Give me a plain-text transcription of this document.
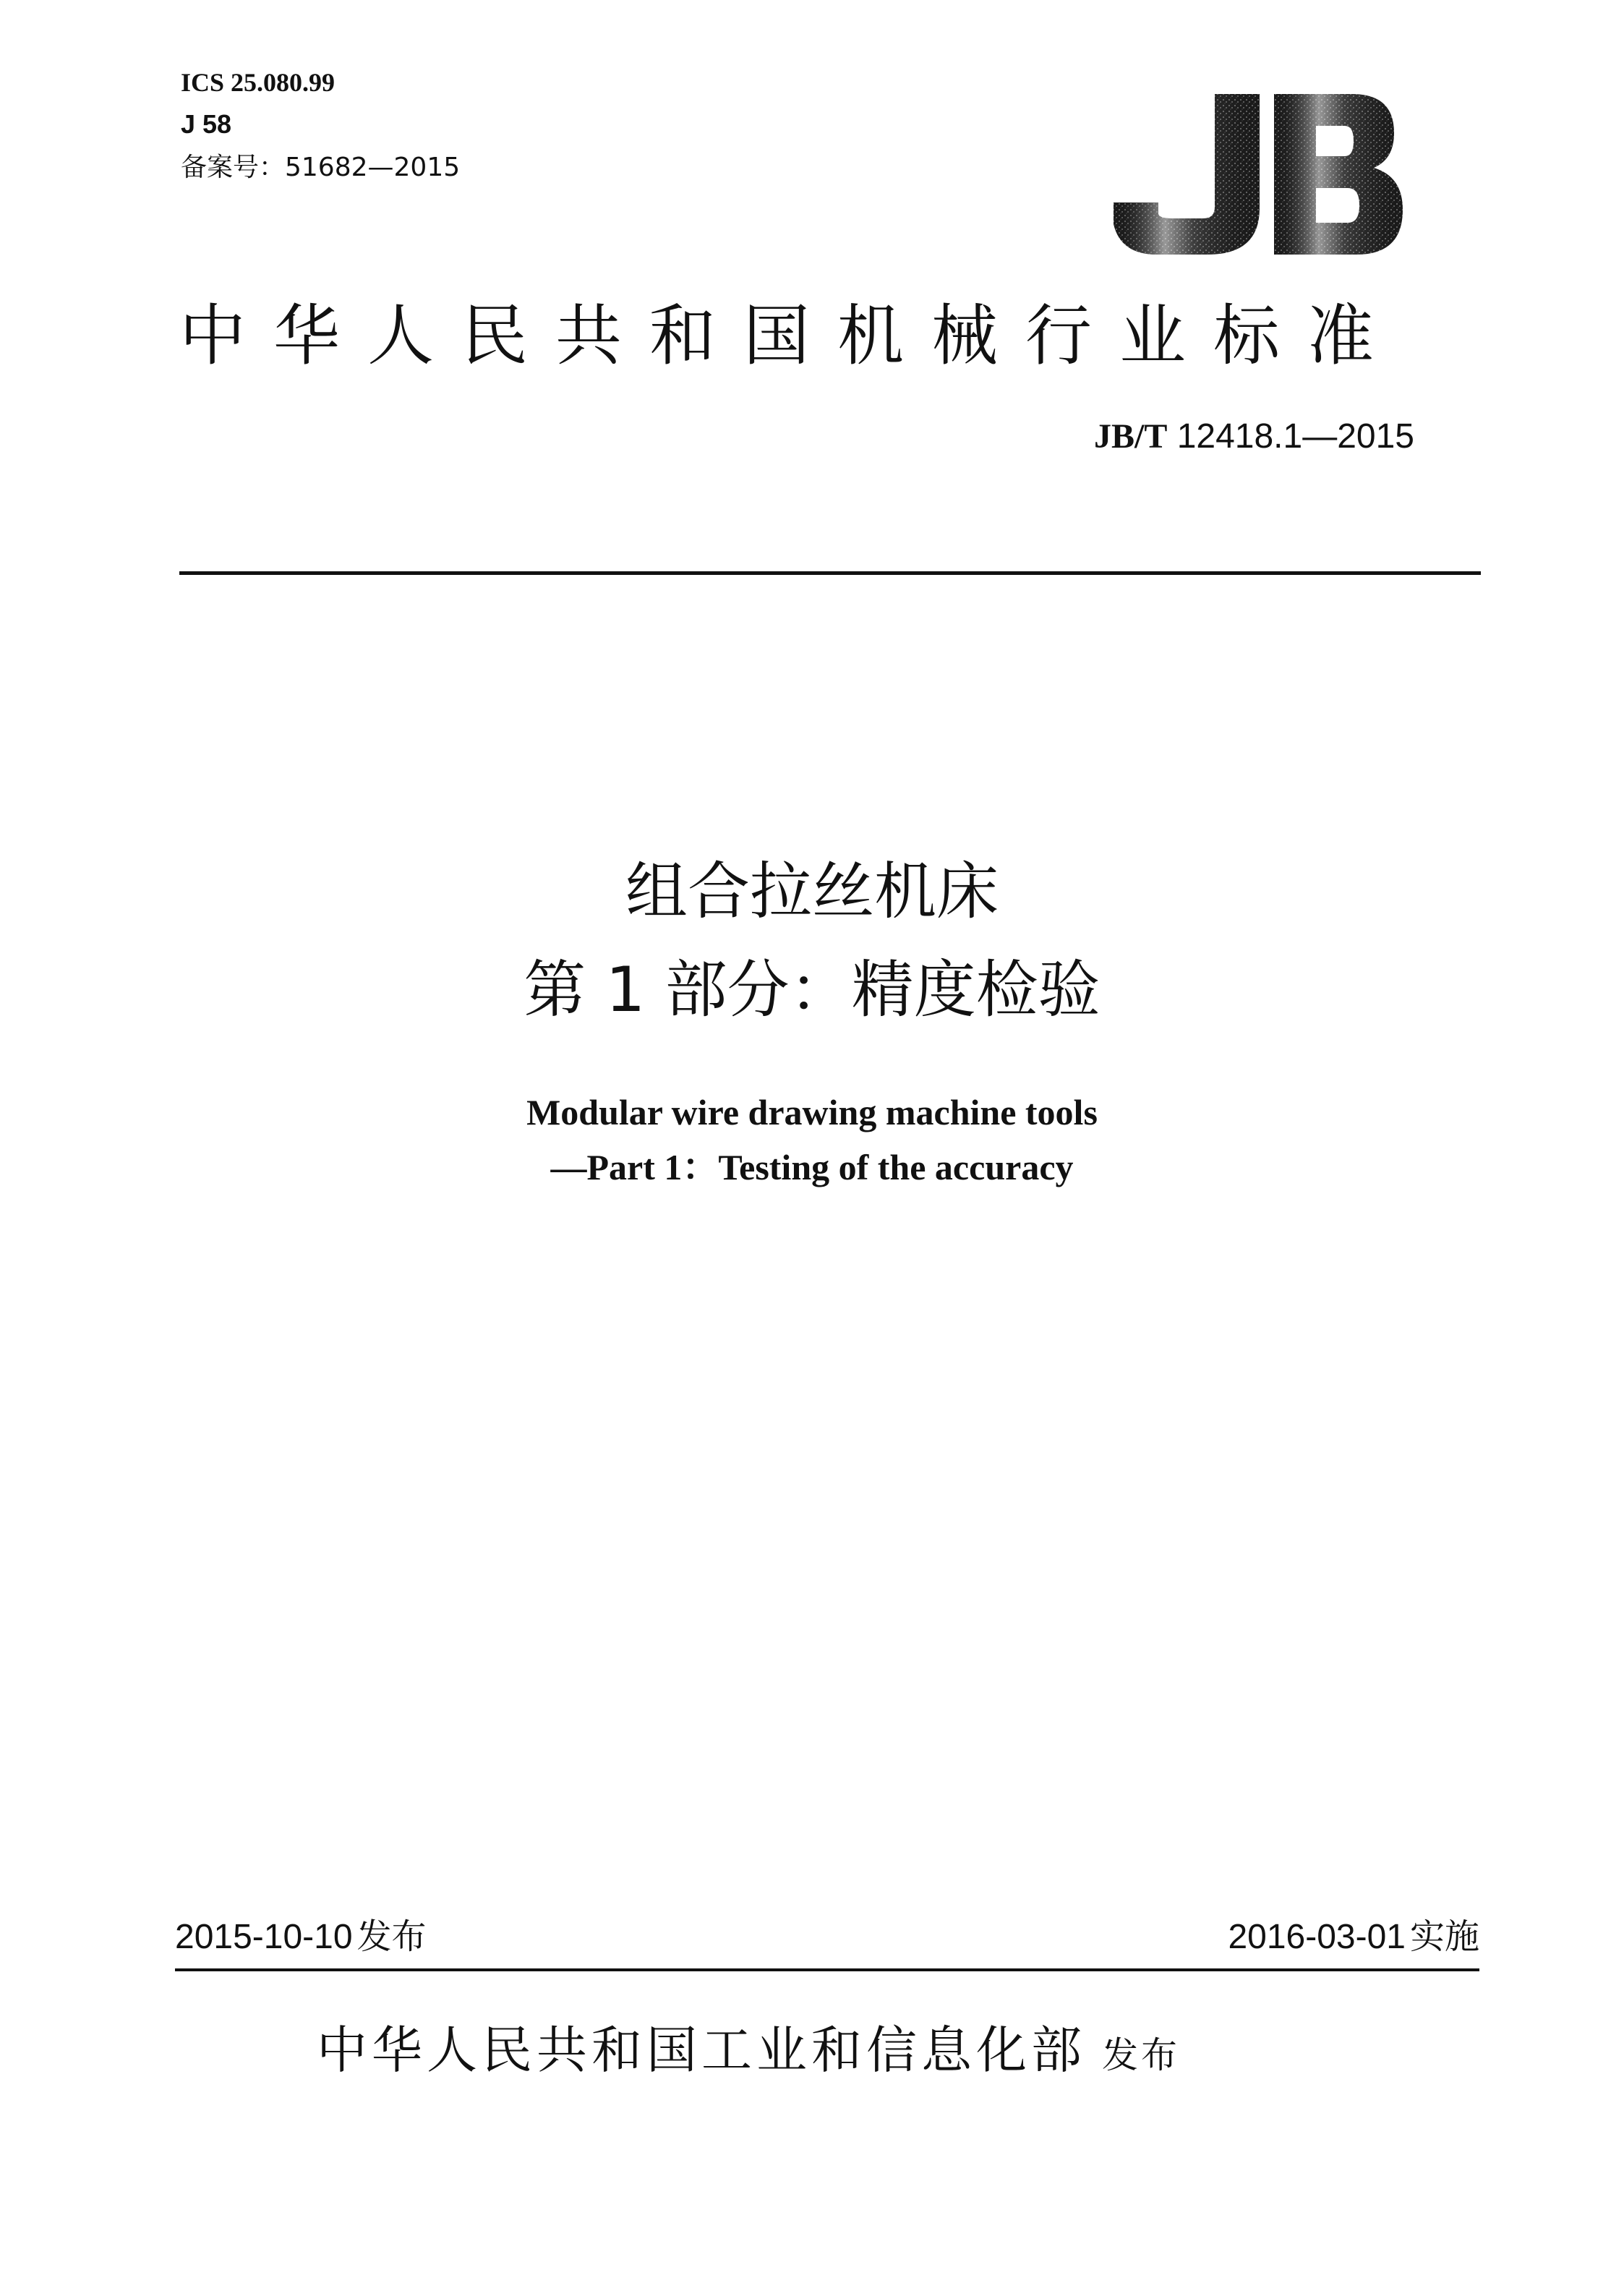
ICS 25.080.99
J 58
备案号：51682—2015
中华人民共和国机械行业标准
JB/T 12418.1—2015
组合拉丝机床
第 1 部分：精度检验
Modular wire drawing machine tools
—Part 1：Testing of the accuracy
2015-10-10 发布	2016-03-01 实施
中华人民共和国工业和信息化部 发布
